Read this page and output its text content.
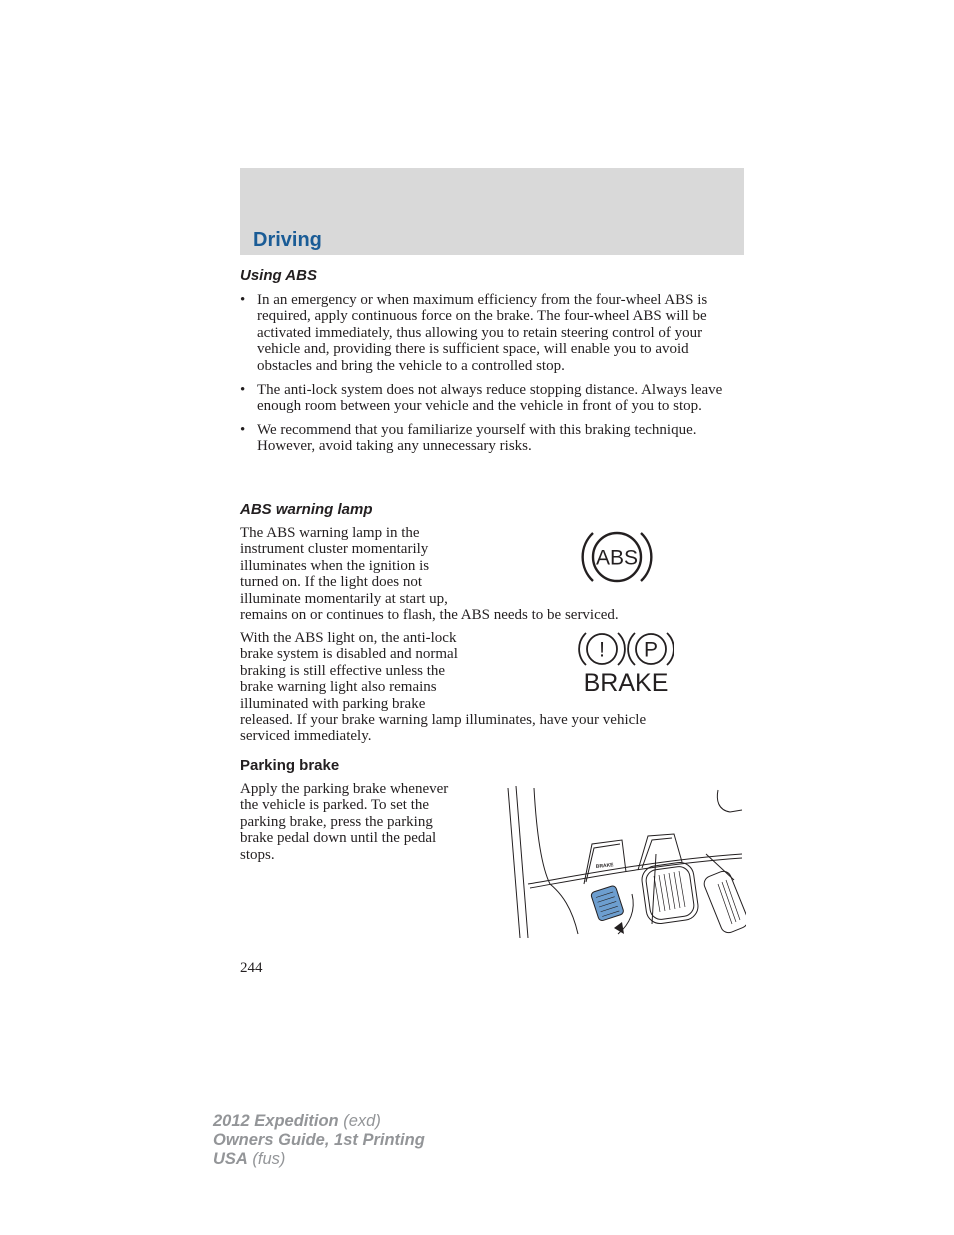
Driving
Using ABS
• In an emergency or when maximum efficiency from the four-wheel ABS is required, apply continuous force on the brake. The four-wheel ABS will be activated immediately, thus allowing you to retain steering control of your vehicle and, providing there is sufficient space, will enable you to avoid obstacles and bring the vehicle to a controlled stop.
• The anti-lock system does not always reduce stopping distance. Always leave enough room between your vehicle and the vehicle in front of you to stop.
• We recommend that you familiarize yourself with this braking technique. However, avoid taking any unnecessary risks.
ABS warning lamp

The ABS warning lamp in the
instrument cluster momentarily
illuminates when the ignition is
turned on. If the light does not
illuminate momentarily at start up,
remains on or continues to flash, the ABS needs to be serviced.

ABS

With the ABS light on, the anti-lock
brake system is disabled and normal
braking is still effective unless the
brake warning light also remains
illuminated with parking brake
released. If your brake warning lamp illuminates, have your vehicle
serviced immediately.

! P
BRAKE
Parking brake

Apply the parking brake whenever
the vehicle is parked. To set the
parking brake, press the parking
brake pedal down until the pedal
stops.

BRAKE

244

2012 Expedition (exd)
Owners Guide, 1st Printing
USA (fus)
